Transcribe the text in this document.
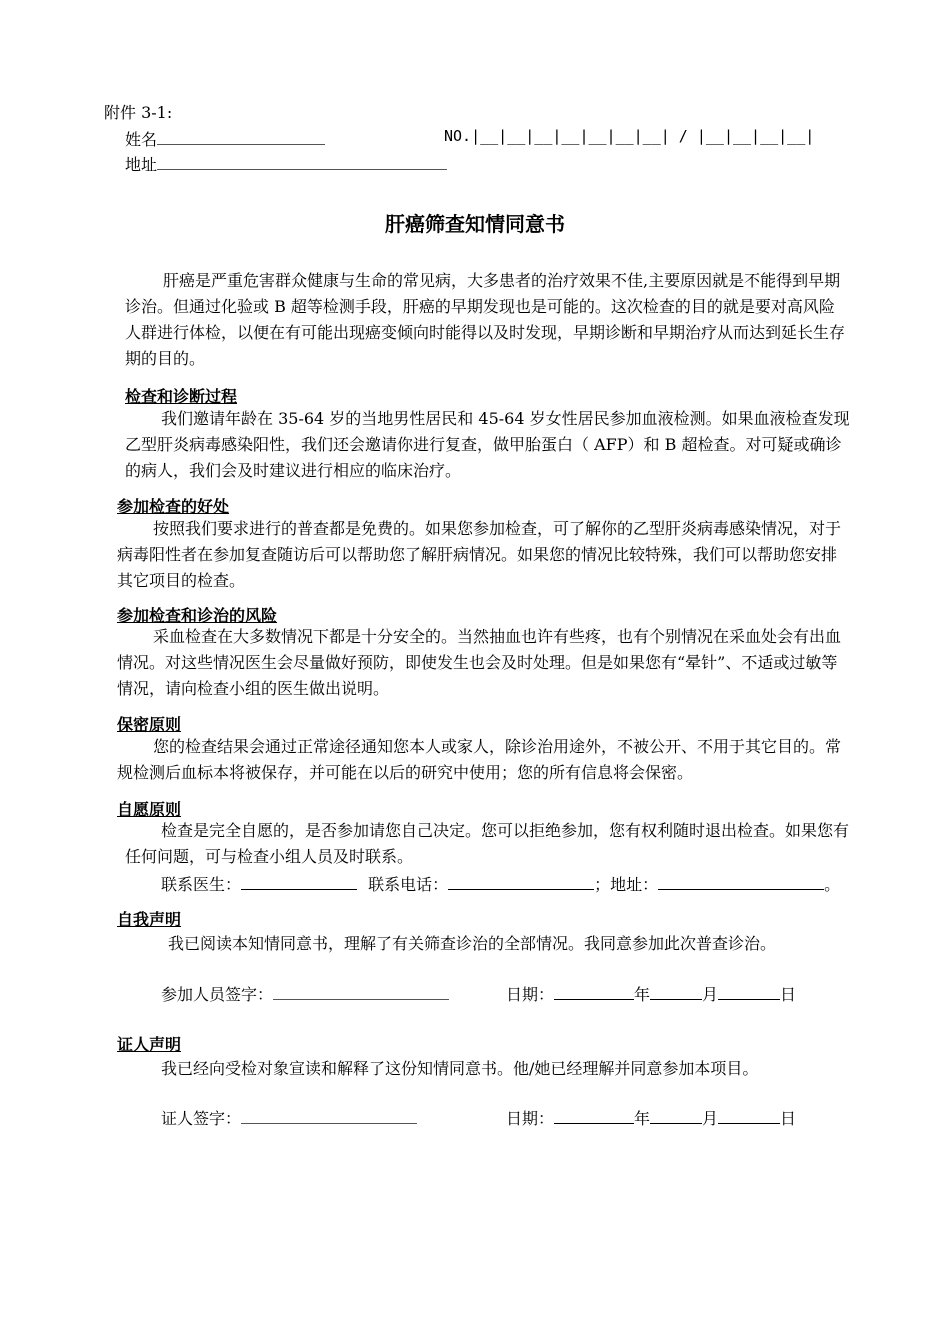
附件 3-1:
姓名	NO.|__|__|__|__|__|__|__| / |__|__|__|__|
地址
肝癌筛查知情同意书
肝癌是严重危害群众健康与生命的常见病，大多患者的治疗效果不佳,主要原因就是不能得到早期诊治。但通过化验或 B 超等检测手段，肝癌的早期发现也是可能的。这次检查的目的就是要对高风险人群进行体检，以便在有可能出现癌变倾向时能得以及时发现，早期诊断和早期治疗从而达到延长生存期的目的。
检查和诊断过程
我们邀请年龄在 35-64 岁的当地男性居民和 45-64 岁女性居民参加血液检测。如果血液检查发现乙型肝炎病毒感染阳性，我们还会邀请你进行复查，做甲胎蛋白（ AFP）和 B 超检查。对可疑或确诊的病人，我们会及时建议进行相应的临床治疗。
参加检查的好处
按照我们要求进行的普查都是免费的。如果您参加检查，可了解你的乙型肝炎病毒感染情况，对于病毒阳性者在参加复查随访后可以帮助您了解肝病情况。如果您的情况比较特殊，我们可以帮助您安排其它项目的检查。
参加检查和诊治的风险
采血检查在大多数情况下都是十分安全的。当然抽血也许有些疼，也有个别情况在采血处会有出血情况。对这些情况医生会尽量做好预防，即使发生也会及时处理。但是如果您有“晕针”、不适或过敏等情况，请向检查小组的医生做出说明。
保密原则
您的检查结果会通过正常途径通知您本人或家人，除诊治用途外，不被公开、不用于其它目的。常规检测后血标本将被保存，并可能在以后的研究中使用；您的所有信息将会保密。
自愿原则
检查是完全自愿的，是否参加请您自己决定。您可以拒绝参加，您有权利随时退出检查。如果您有任何问题，可与检查小组人员及时联系。
联系医生：	联系电话：	；地址：	。
自我声明
我已阅读本知情同意书，理解了有关筛查诊治的全部情况。我同意参加此次普查诊治。
参加人员签字：	日期：	年	月	日
证人声明
我已经向受检对象宣读和解释了这份知情同意书。他/她已经理解并同意参加本项目。
证人签字：	日期：	年	月	日
